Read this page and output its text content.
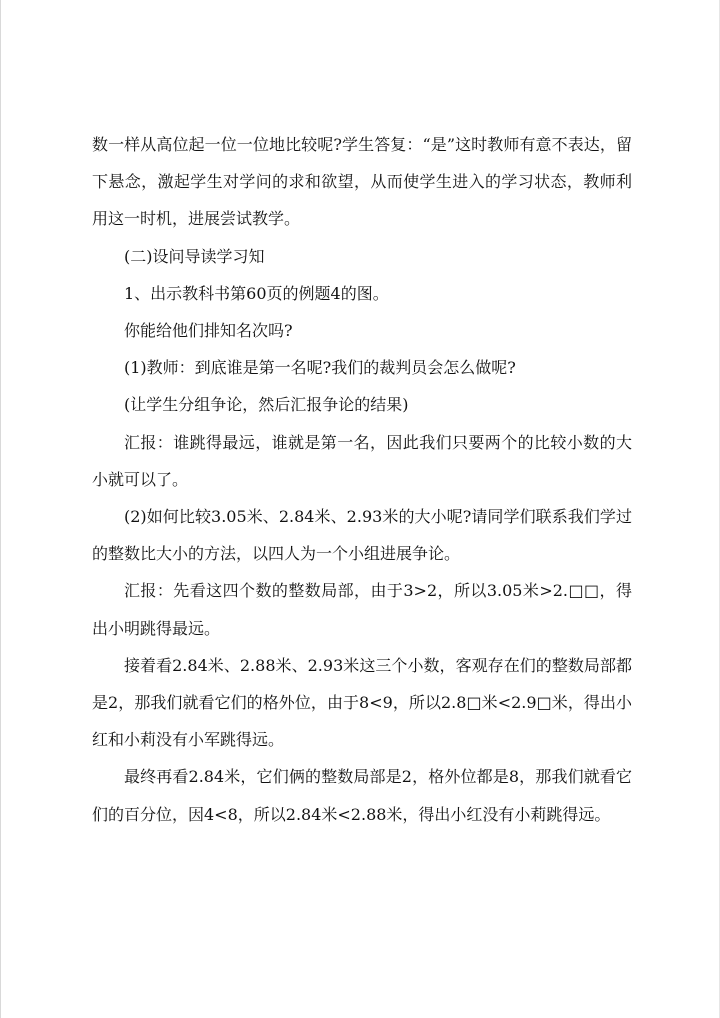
数一样从高位起一位一位地比较呢?学生答复：“是”这时教师有意不表达，留下悬念，激起学生对学问的求和欲望，从而使学生进入的学习状态，教师利用这一时机，进展尝试教学。

(二)设问导读学习知

1、出示教科书第60页的例题4的图。

你能给他们排知名次吗?

(1)教师：到底谁是第一名呢?我们的裁判员会怎么做呢?

(让学生分组争论，然后汇报争论的结果)

汇报：谁跳得最远，谁就是第一名，因此我们只要两个的比较小数的大小就可以了。

(2)如何比较3.05米、2.84米、2.93米的大小呢?请同学们联系我们学过的整数比大小的方法，以四人为一个小组进展争论。

汇报：先看这四个数的整数局部，由于3>2，所以3.05米>2.□□，得出小明跳得最远。

接着看2.84米、2.88米、2.93米这三个小数，客观存在们的整数局部都是2，那我们就看它们的格外位，由于8<9，所以2.8□米<2.9□米，得出小红和小莉没有小军跳得远。

最终再看2.84米，它们俩的整数局部是2，格外位都是8，那我们就看它们的百分位，因4<8，所以2.84米<2.88米，得出小红没有小莉跳得远。
